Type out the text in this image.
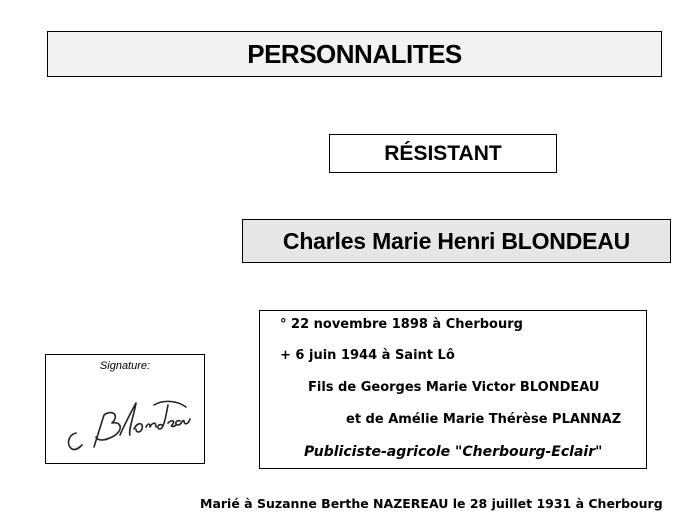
PERSONNALITES
RÉSISTANT
Charles Marie Henri BLONDEAU
° 22 novembre 1898 à Cherbourg
+ 6 juin 1944 à Saint Lô
Fils de Georges Marie Victor BLONDEAU
et de Amélie Marie Thérèse PLANNAZ
Publiciste-agricole "Cherbourg-Eclair"
Signature:
Marié à Suzanne Berthe NAZEREAU le 28 juillet 1931 à Cherbourg
